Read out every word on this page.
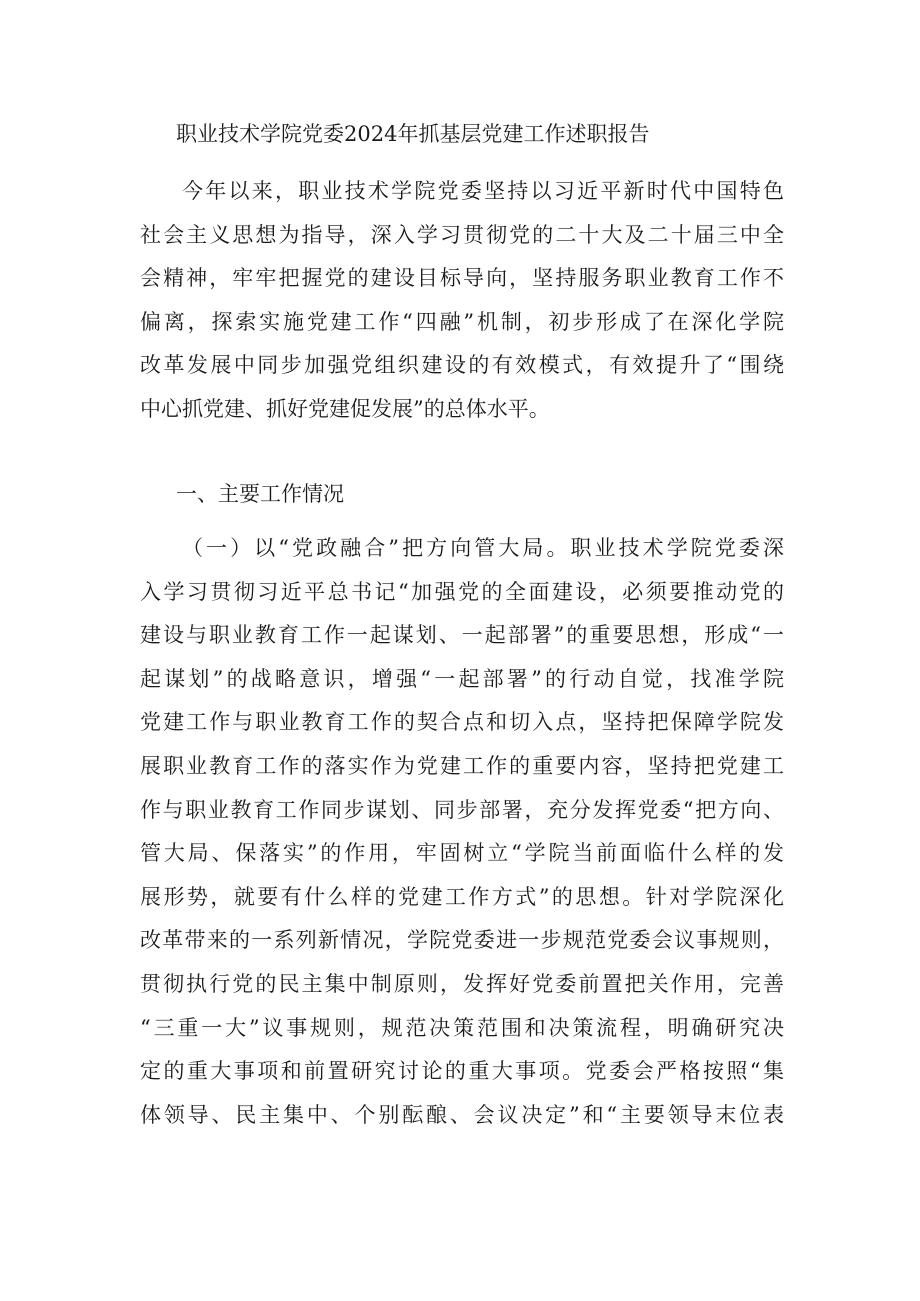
职业技术学院党委2024年抓基层党建工作述职报告
今年以来，职业技术学院党委坚持以习近平新时代中国特色
社会主义思想为指导，深入学习贯彻党的二十大及二十届三中全
会精神，牢牢把握党的建设目标导向，坚持服务职业教育工作不
偏离，探索实施党建工作“四融”机制，初步形成了在深化学院
改革发展中同步加强党组织建设的有效模式，有效提升了“围绕
中心抓党建、抓好党建促发展”的总体水平。
一、主要工作情况
（一）以“党政融合”把方向管大局。职业技术学院党委深
入学习贯彻习近平总书记“加强党的全面建设，必须要推动党的
建设与职业教育工作一起谋划、一起部署”的重要思想，形成“一
起谋划”的战略意识，增强“一起部署”的行动自觉，找准学院
党建工作与职业教育工作的契合点和切入点，坚持把保障学院发
展职业教育工作的落实作为党建工作的重要内容，坚持把党建工
作与职业教育工作同步谋划、同步部署，充分发挥党委“把方向、
管大局、保落实”的作用，牢固树立“学院当前面临什么样的发
展形势，就要有什么样的党建工作方式”的思想。针对学院深化
改革带来的一系列新情况，学院党委进一步规范党委会议事规则，
贯彻执行党的民主集中制原则，发挥好党委前置把关作用，完善
“三重一大”议事规则，规范决策范围和决策流程，明确研究决
定的重大事项和前置研究讨论的重大事项。党委会严格按照“集
体领导、民主集中、个别酝酿、会议决定”和“主要领导末位表
